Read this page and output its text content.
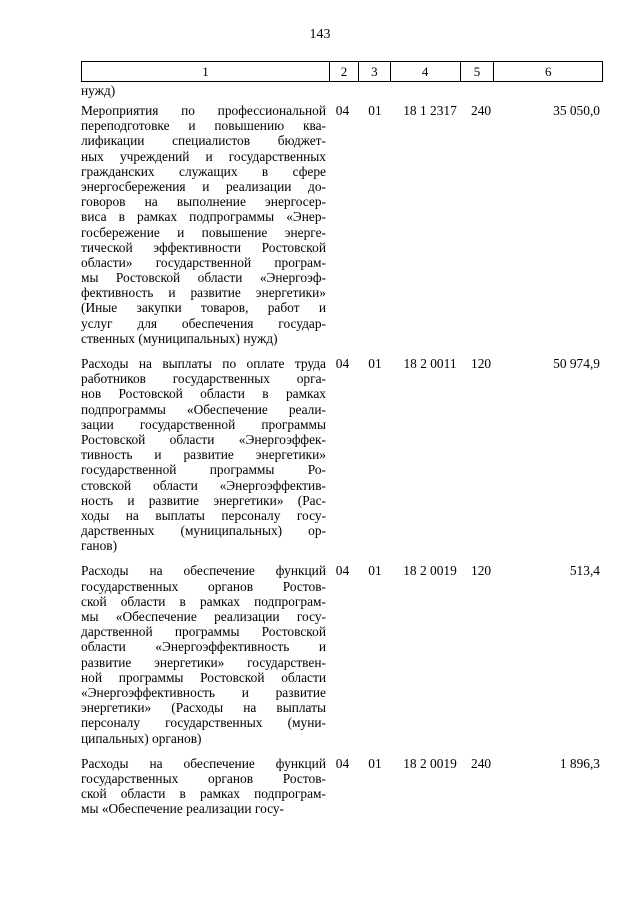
143
1	2	3	4	5	6
нужд)
Мероприятия по профессиональной
переподготовке и повышению ква-
лификации специалистов бюджет-
ных учреждений и государственных
гражданских служащих в сфере
энергосбережения и реализации до-
говоров на выполнение энергосер-
виса в рамках подпрограммы «Энер-
госбережение и повышение энерге-
тической эффективности Ростовской
области» государственной програм-
мы Ростовской области «Энергоэф-
фективность и развитие энергетики»
(Иные закупки товаров, работ и
услуг для обеспечения государ-
ственных (муниципальных) нужд)
04	01	18 1 2317	240	35 050,0
Расходы на выплаты по оплате труда
работников государственных орга-
нов Ростовской области в рамках
подпрограммы «Обеспечение реали-
зации государственной программы
Ростовской области «Энергоэффек-
тивность и развитие энергетики»
государственной программы Ро-
стовской области «Энергоэффектив-
ность и развитие энергетики» (Рас-
ходы на выплаты персоналу госу-
дарственных (муниципальных) ор-
ганов)
04	01	18 2 0011	120	50 974,9
Расходы на обеспечение функций
государственных органов Ростов-
ской области в рамках подпрограм-
мы «Обеспечение реализации госу-
дарственной программы Ростовской
области «Энергоэффективность и
развитие энергетики» государствен-
ной программы Ростовской области
«Энергоэффективность и развитие
энергетики» (Расходы на выплаты
персоналу государственных (муни-
ципальных) органов)
04	01	18 2 0019	120	513,4
Расходы на обеспечение функций
государственных органов Ростов-
ской области в рамках подпрограм-
мы «Обеспечение реализации госу-
04	01	18 2 0019	240	1 896,3
